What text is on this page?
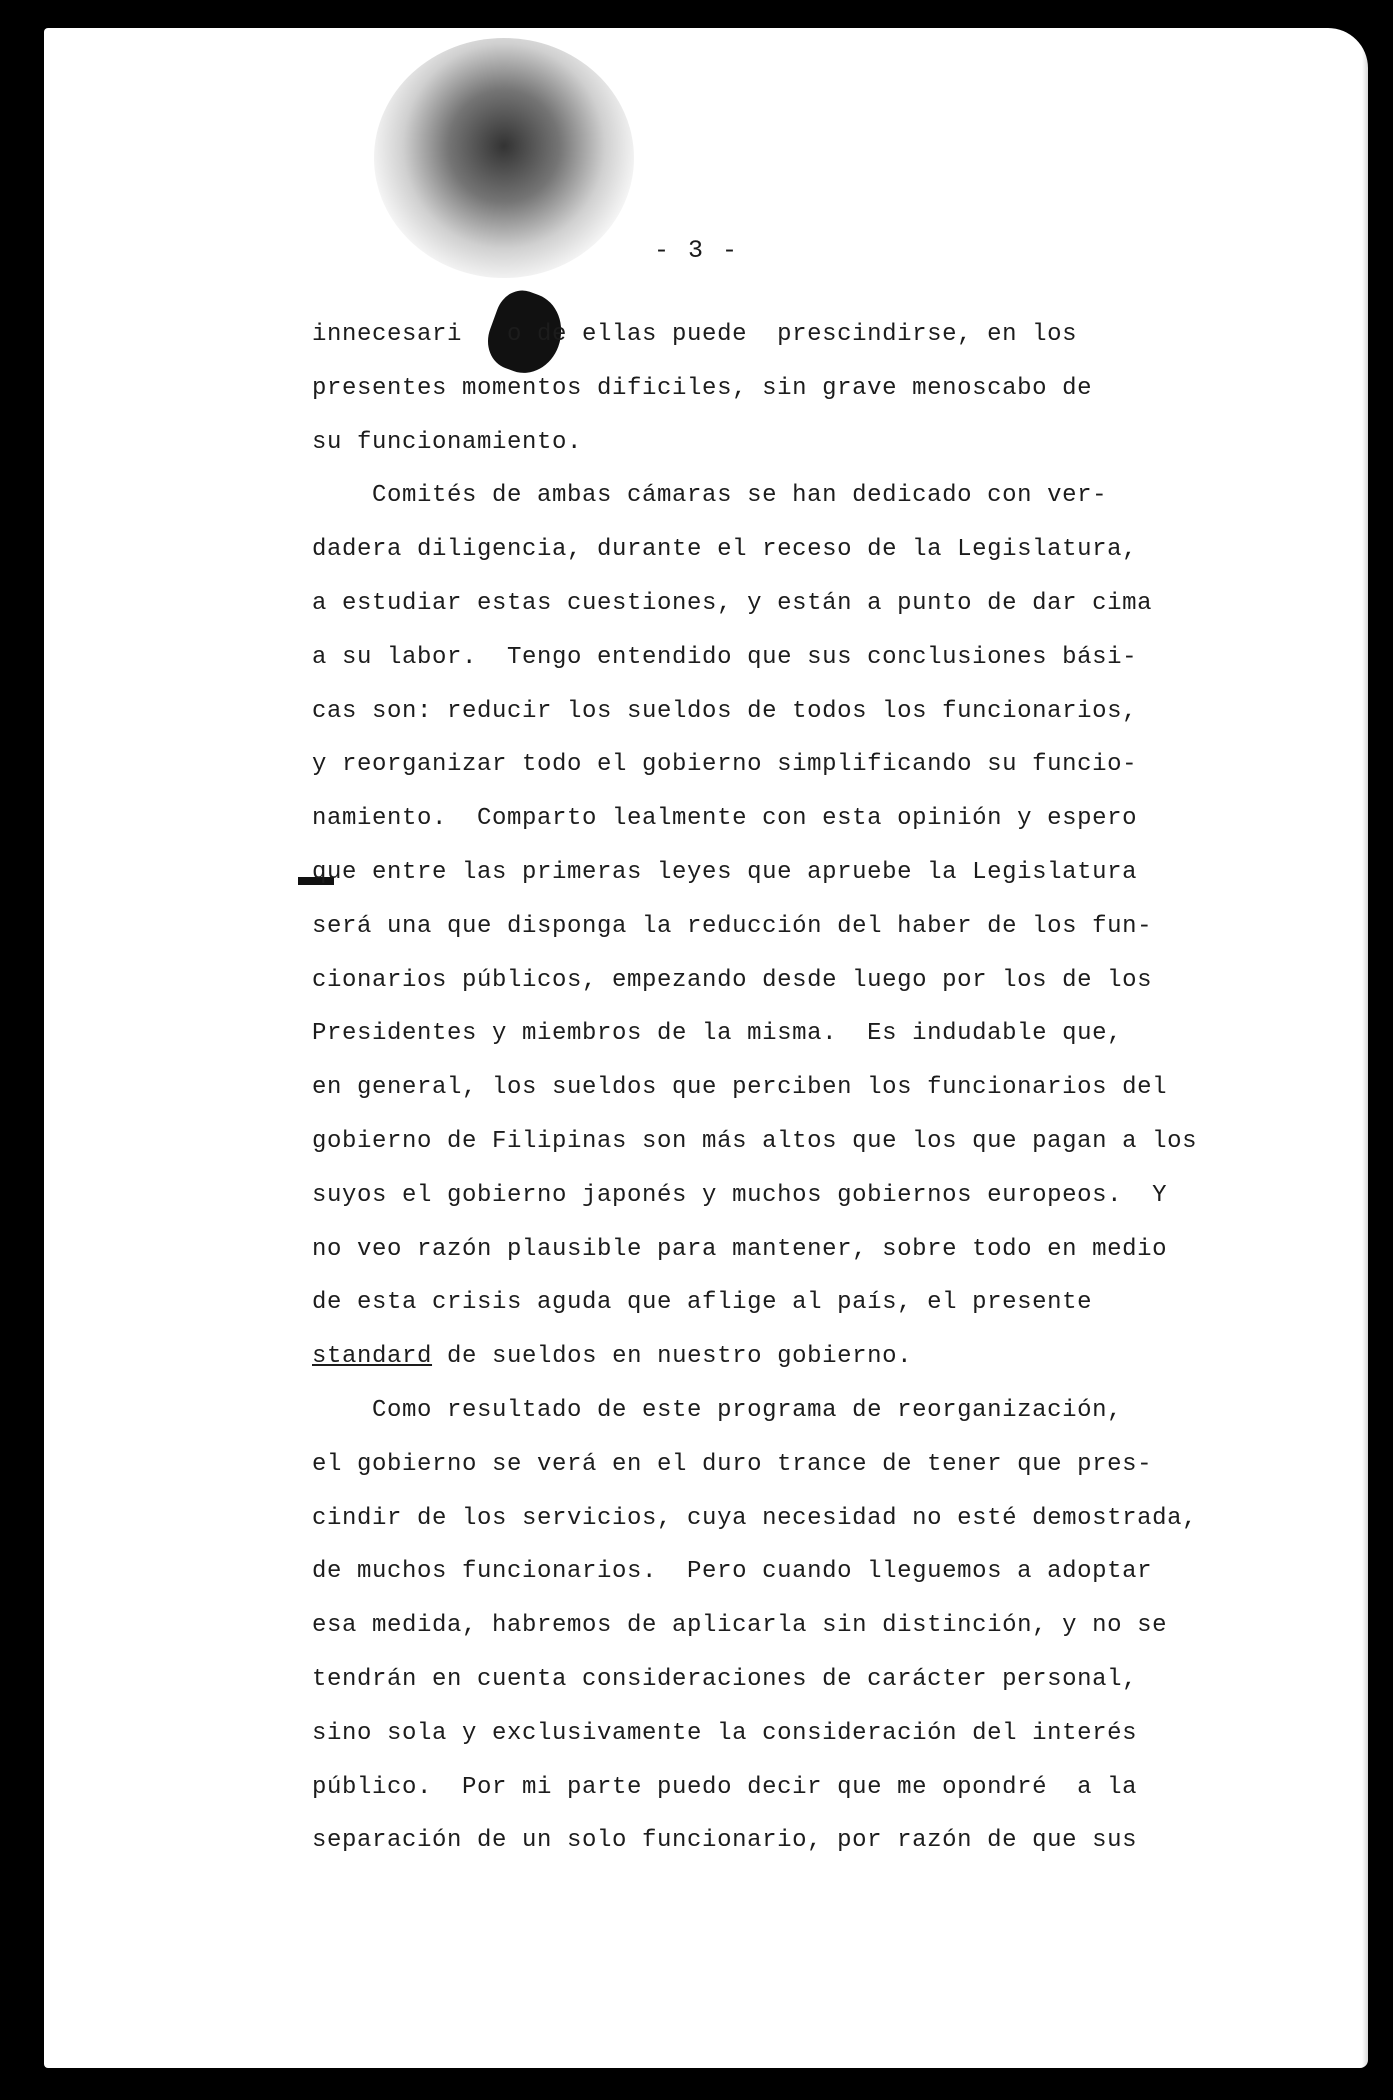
- 3 -
innecesari   o de ellas puede  prescindirse, en los
presentes momentos dificiles, sin grave menoscabo de
su funcionamiento.
Comités de ambas cámaras se han dedicado con ver-
dadera diligencia, durante el receso de la Legislatura,
a estudiar estas cuestiones, y están a punto de dar cima
a su labor.  Tengo entendido que sus conclusiones bási-
cas son: reducir los sueldos de todos los funcionarios,
y reorganizar todo el gobierno simplificando su funcio-
namiento.  Comparto lealmente con esta opinión y espero
que entre las primeras leyes que apruebe la Legislatura
será una que disponga la reducción del haber de los fun-
cionarios públicos, empezando desde luego por los de los
Presidentes y miembros de la misma.  Es indudable que,
en general, los sueldos que perciben los funcionarios del
gobierno de Filipinas son más altos que los que pagan a los
suyos el gobierno japonés y muchos gobiernos europeos.  Y
no veo razón plausible para mantener, sobre todo en medio
de esta crisis aguda que aflige al país, el presente
standard de sueldos en nuestro gobierno.
Como resultado de este programa de reorganización,
el gobierno se verá en el duro trance de tener que pres-
cindir de los servicios, cuya necesidad no esté demostrada,
de muchos funcionarios.  Pero cuando lleguemos a adoptar
esa medida, habremos de aplicarla sin distinción, y no se
tendrán en cuenta consideraciones de carácter personal,
sino sola y exclusivamente la consideración del interés
público.  Por mi parte puedo decir que me opondré  a la
separación de un solo funcionario, por razón de que sus
